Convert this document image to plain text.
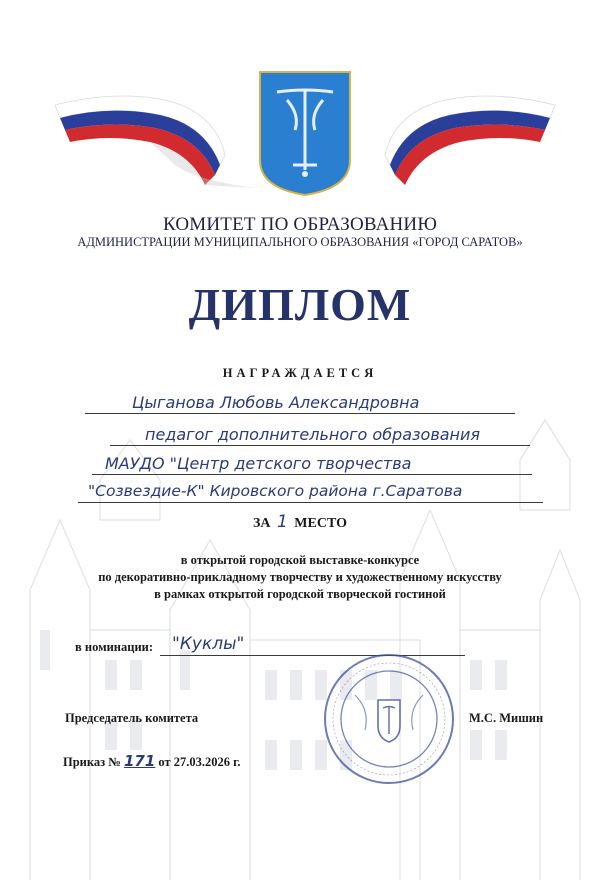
КОМИТЕТ ПО ОБРАЗОВАНИЮ
АДМИНИСТРАЦИИ МУНИЦИПАЛЬНОГО ОБРАЗОВАНИЯ «ГОРОД САРАТОВ»
ДИПЛОМ
НАГРАЖДАЕТСЯ
Цыганова Любовь Александровна
педагог дополнительного образования
МАУДО "Центр детского творчества
"Созвездие-К" Кировского района г.Саратова
ЗА 1 МЕСТО
в открытой городской выставке-конкурсе
по декоративно-прикладному творчеству и художественному искусству
в рамках открытой городской творческой гостиной
в номинации: "Куклы"
Председатель комитета	М.С. Мишин
Приказ № 171 от 27.03.2026 г.
